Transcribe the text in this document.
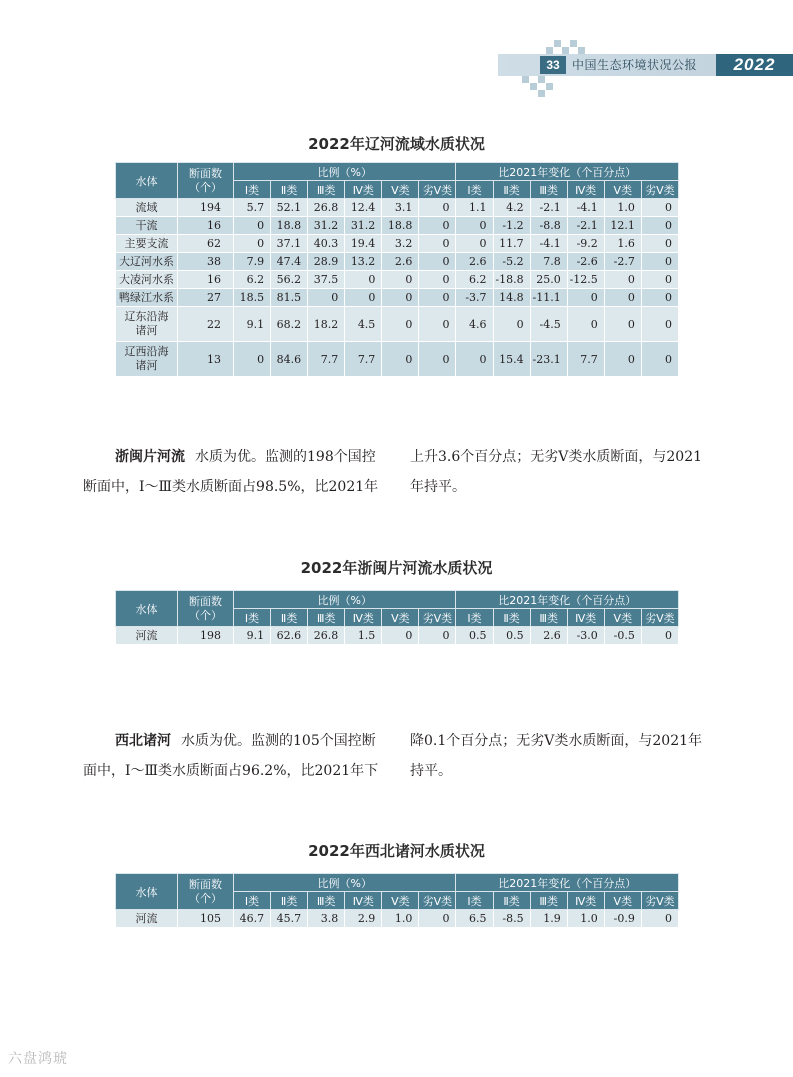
33	中国生态环境状况公报	2022
2022年辽河流域水质状况
水体	断面数
（个）	比例（%）						比2021年变化（个百分点）					
		Ⅰ类	Ⅱ类	Ⅲ类	Ⅳ类	Ⅴ类	劣Ⅴ类	Ⅰ类	Ⅱ类	Ⅲ类	Ⅳ类	Ⅴ类	劣Ⅴ类
流域	194	5.7	52.1	26.8	12.4	3.1	0	1.1	4.2	-2.1	-4.1	1.0	0
干流	16	0	18.8	31.2	31.2	18.8	0	0	-1.2	-8.8	-2.1	12.1	0
主要支流	62	0	37.1	40.3	19.4	3.2	0	0	11.7	-4.1	-9.2	1.6	0
大辽河水系	38	7.9	47.4	28.9	13.2	2.6	0	2.6	-5.2	7.8	-2.6	-2.7	0
大凌河水系	16	6.2	56.2	37.5	0	0	0	6.2	-18.8	25.0	-12.5	0	0
鸭绿江水系	27	18.5	81.5	0	0	0	0	-3.7	14.8	-11.1	0	0	0

辽东沿海
诸河	22	9.1	68.2	18.2	4.5	0	0	4.6	0	-4.5	0	0	0

辽西沿海
诸河	13	0	84.6	7.7	7.7	0	0	0	15.4	-23.1	7.7	0	0
浙闽片河流 水质为优。监测的198个国控
断面中，Ⅰ～Ⅲ类水质断面占98.5%，比2021年
上升3.6个百分点；无劣Ⅴ类水质断面，与2021
年持平。
2022年浙闽片河流水质状况
水体	断面数
（个）	比例（%）						比2021年变化（个百分点）					
		Ⅰ类	Ⅱ类	Ⅲ类	Ⅳ类	Ⅴ类	劣Ⅴ类	Ⅰ类	Ⅱ类	Ⅲ类	Ⅳ类	Ⅴ类	劣Ⅴ类
河流	198	9.1	62.6	26.8	1.5	0	0	0.5	0.5	2.6	-3.0	-0.5	0
西北诸河 水质为优。监测的105个国控断
面中，Ⅰ～Ⅲ类水质断面占96.2%，比2021年下
降0.1个百分点；无劣Ⅴ类水质断面，与2021年
持平。
2022年西北诸河水质状况
水体	断面数
（个）	比例（%）						比2021年变化（个百分点）					
		Ⅰ类	Ⅱ类	Ⅲ类	Ⅳ类	Ⅴ类	劣Ⅴ类	Ⅰ类	Ⅱ类	Ⅲ类	Ⅳ类	Ⅴ类	劣Ⅴ类
河流	105	46.7	45.7	3.8	2.9	1.0	0	6.5	-8.5	1.9	1.0	-0.9	0
六盘鸿琥
